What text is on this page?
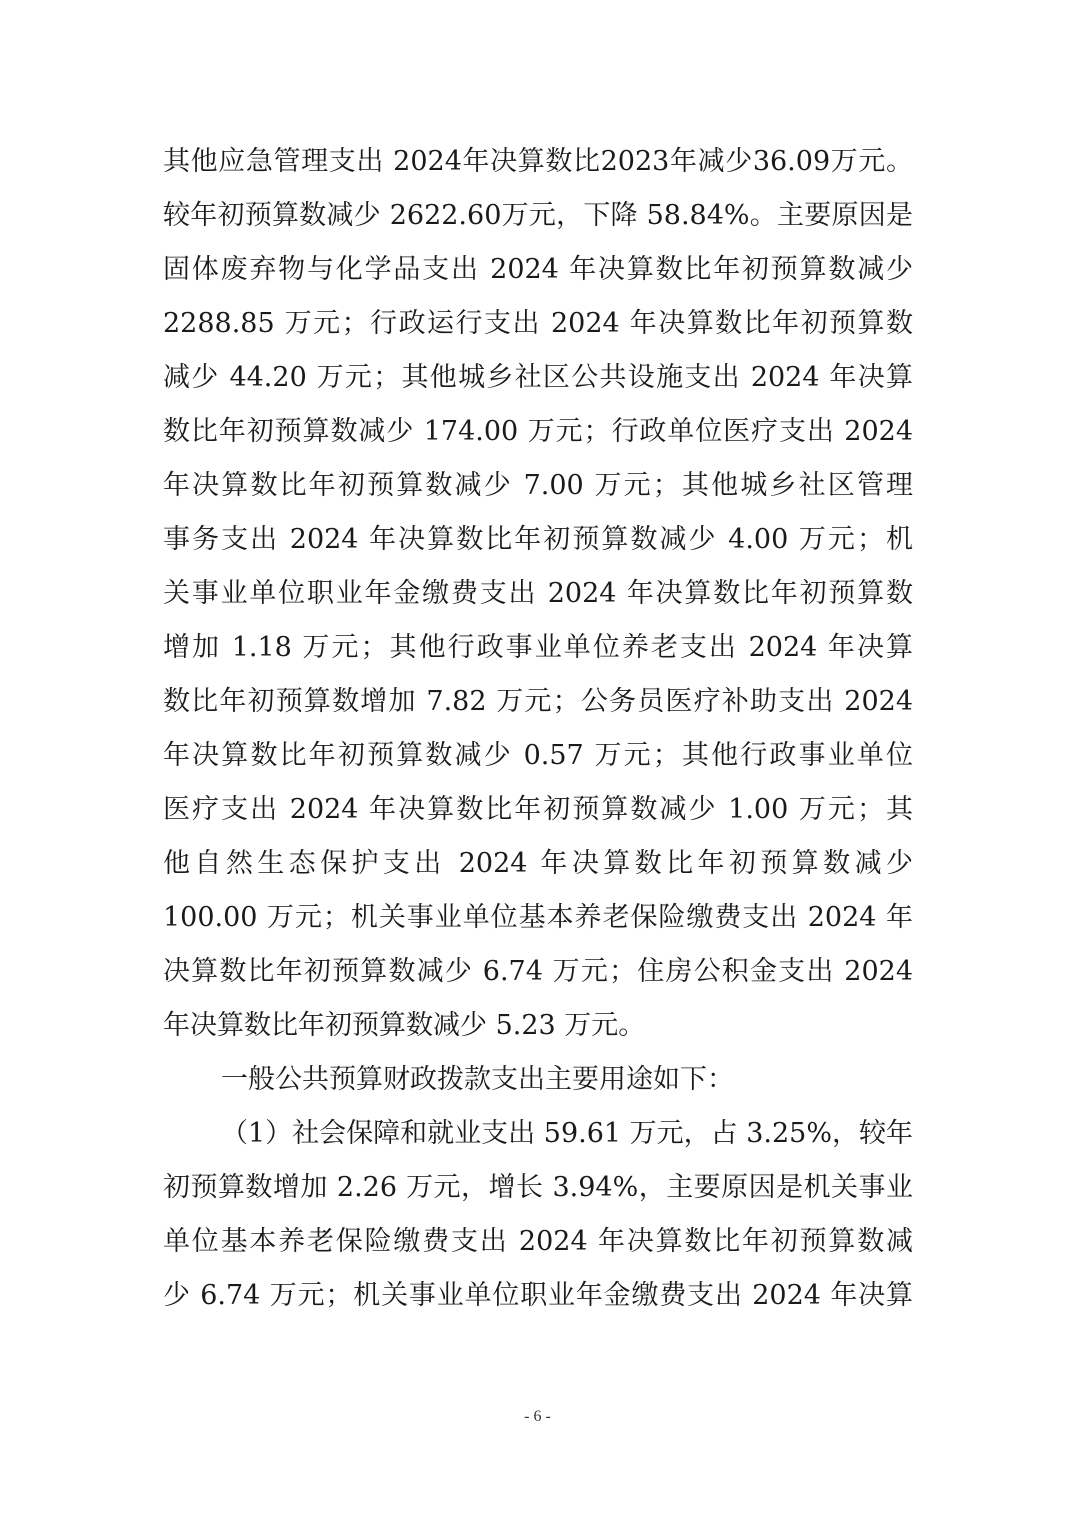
其他应急管理支出 2024年决算数比2023年减少36.09万元。
较年初预算数减少 2622.60万元，下降 58.84%。主要原因是
固体废弃物与化学品支出 2024 年决算数比年初预算数减少
2288.85 万元；行政运行支出 2024 年决算数比年初预算数
减少 44.20 万元；其他城乡社区公共设施支出 2024 年决算
数比年初预算数减少 174.00 万元；行政单位医疗支出 2024
年决算数比年初预算数减少 7.00 万元；其他城乡社区管理
事务支出 2024 年决算数比年初预算数减少 4.00 万元；机
关事业单位职业年金缴费支出 2024 年决算数比年初预算数
增加 1.18 万元；其他行政事业单位养老支出 2024 年决算
数比年初预算数增加 7.82 万元；公务员医疗补助支出 2024
年决算数比年初预算数减少 0.57 万元；其他行政事业单位
医疗支出 2024 年决算数比年初预算数减少 1.00 万元；其
他自然生态保护支出 2024 年决算数比年初预算数减少
100.00 万元；机关事业单位基本养老保险缴费支出 2024 年
决算数比年初预算数减少 6.74 万元；住房公积金支出 2024
年决算数比年初预算数减少 5.23 万元。
一般公共预算财政拨款支出主要用途如下：
（1）社会保障和就业支出 59.61 万元，占 3.25%，较年
初预算数增加 2.26 万元，增长 3.94%，主要原因是机关事业
单位基本养老保险缴费支出 2024 年决算数比年初预算数减
少 6.74 万元；机关事业单位职业年金缴费支出 2024 年决算
- 6 -
